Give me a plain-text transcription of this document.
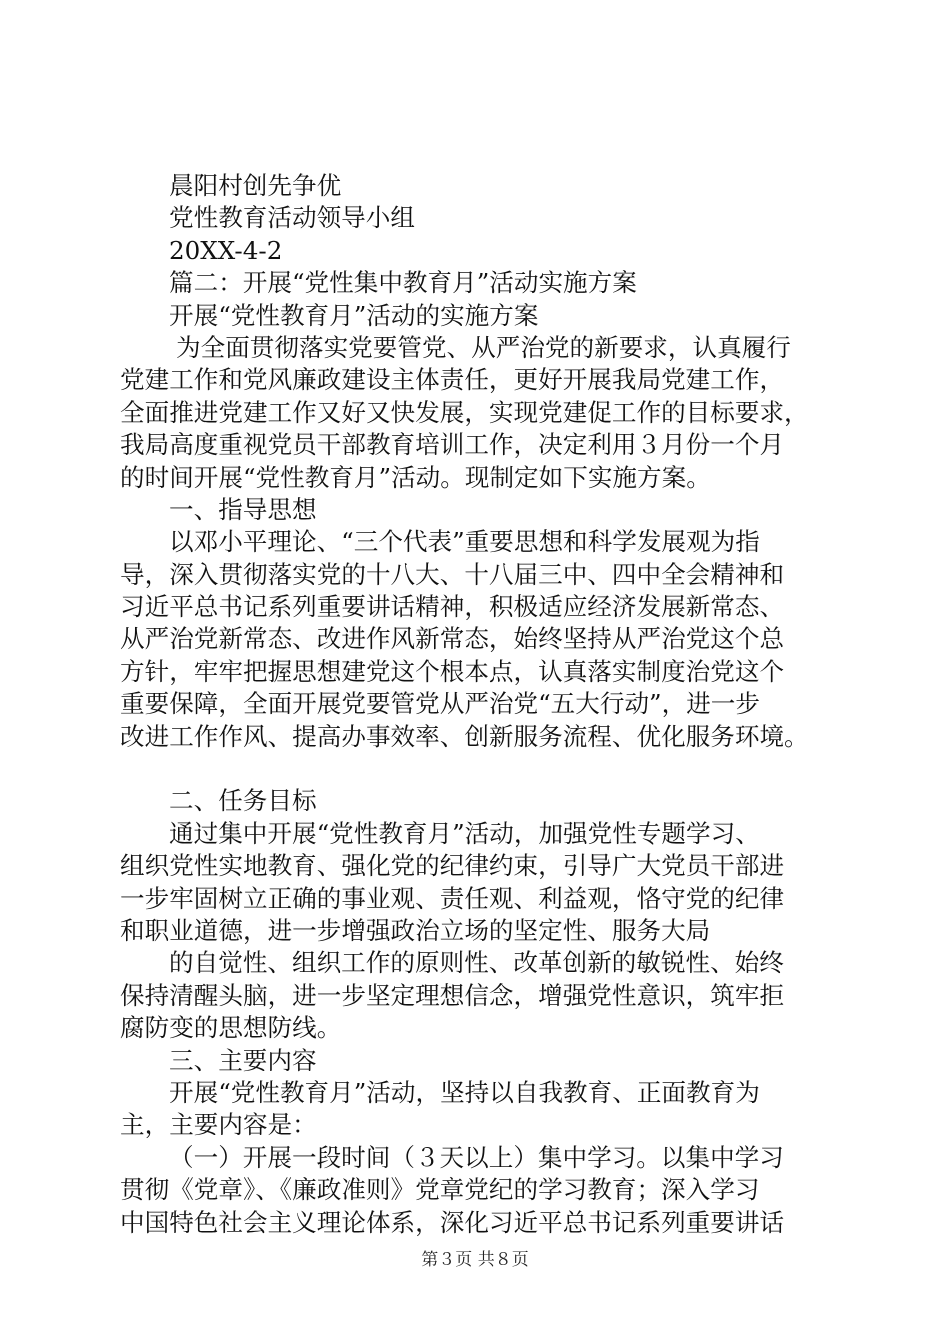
晨阳村创先争优
党性教育活动领导小组
20XX-4-2
篇二：开展“党性集中教育月”活动实施方案
开展“党性教育月”活动的实施方案
为全面贯彻落实党要管党、从严治党的新要求，认真履行
党建工作和党风廉政建设主体责任，更好开展我局党建工作，
全面推进党建工作又好又快发展，实现党建促工作的目标要求，
我局高度重视党员干部教育培训工作，决定利用３月份一个月
的时间开展“党性教育月”活动。现制定如下实施方案。
一、指导思想
以邓小平理论、“三个代表”重要思想和科学发展观为指
导，深入贯彻落实党的十八大、十八届三中、四中全会精神和
习近平总书记系列重要讲话精神，积极适应经济发展新常态、
从严治党新常态、改进作风新常态，始终坚持从严治党这个总
方针，牢牢把握思想建党这个根本点，认真落实制度治党这个
重要保障，全面开展党要管党从严治党“五大行动”，进一步
改进工作作风、提高办事效率、创新服务流程、优化服务环境。
二、任务目标
通过集中开展“党性教育月”活动，加强党性专题学习、
组织党性实地教育、强化党的纪律约束，引导广大党员干部进
一步牢固树立正确的事业观、责任观、利益观，恪守党的纪律
和职业道德，进一步增强政治立场的坚定性、服务大局
的自觉性、组织工作的原则性、改革创新的敏锐性、始终
保持清醒头脑，进一步坚定理想信念，增强党性意识，筑牢拒
腐防变的思想防线。
三、主要内容
开展“党性教育月”活动，坚持以自我教育、正面教育为
主，主要内容是：
（一）开展一段时间（３天以上）集中学习。以集中学习
贯彻《党章》、《廉政准则》党章党纪的学习教育；深入学习
中国特色社会主义理论体系，深化习近平总书记系列重要讲话
第３页 共８页
